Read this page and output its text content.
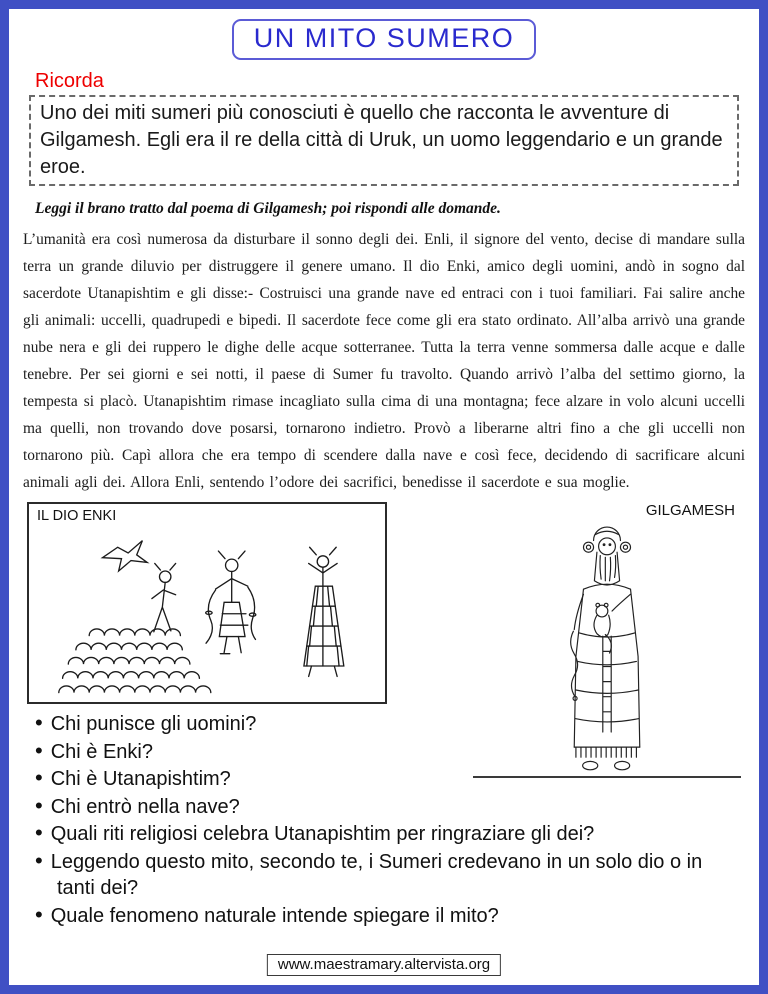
UN MITO SUMERO
Ricorda
Uno dei miti sumeri più conosciuti è quello che racconta le avventure di Gilgamesh. Egli era il re della città di Uruk, un uomo leggendario e un grande eroe.
Leggi il brano tratto dal poema di Gilgamesh; poi rispondi alle domande.
L’umanità era così numerosa da disturbare il sonno degli dei. Enli, il signore del vento, decise di mandare sulla terra un grande diluvio per distruggere il genere umano. Il dio Enki, amico degli uomini, andò in sogno dal sacerdote Utanapishtim e gli disse:- Costruisci una grande nave ed entraci con i tuoi familiari. Fai salire anche gli animali: uccelli, quadrupedi e bipedi. Il sacerdote fece come gli era stato ordinato. All’alba arrivò una grande nube nera e gli dei ruppero le dighe delle acque sotterranee. Tutta la terra venne sommersa dalle acque e dalle tenebre. Per sei giorni e sei notti, il paese di Sumer fu travolto. Quando arrivò l’alba del settimo giorno, la tempesta si placò. Utanapishtim rimase incagliato sulla cima di una montagna; fece alzare in volo alcuni uccelli ma quelli, non trovando dove posarsi, tornarono indietro. Provò a liberarne altri fino a che gli uccelli non tornarono più. Capì allora che era tempo di scendere dalla nave e così fece, decidendo di sacrificare alcuni animali agli dei. Allora Enli, sentendo l’odore dei sacrifici, benedisse il sacerdote e sua moglie.
GILGAMESH
IL DIO ENKI
• Chi punisce gli uomini?
• Chi è Enki?
• Chi è Utanapishtim?
• Chi entrò nella nave?
• Quali riti religiosi celebra Utanapishtim per ringraziare gli dei?
• Leggendo questo mito, secondo te, i Sumeri credevano in un solo dio o in tanti dei?
• Quale fenomeno naturale intende spiegare il mito?
www.maestramary.altervista.org
